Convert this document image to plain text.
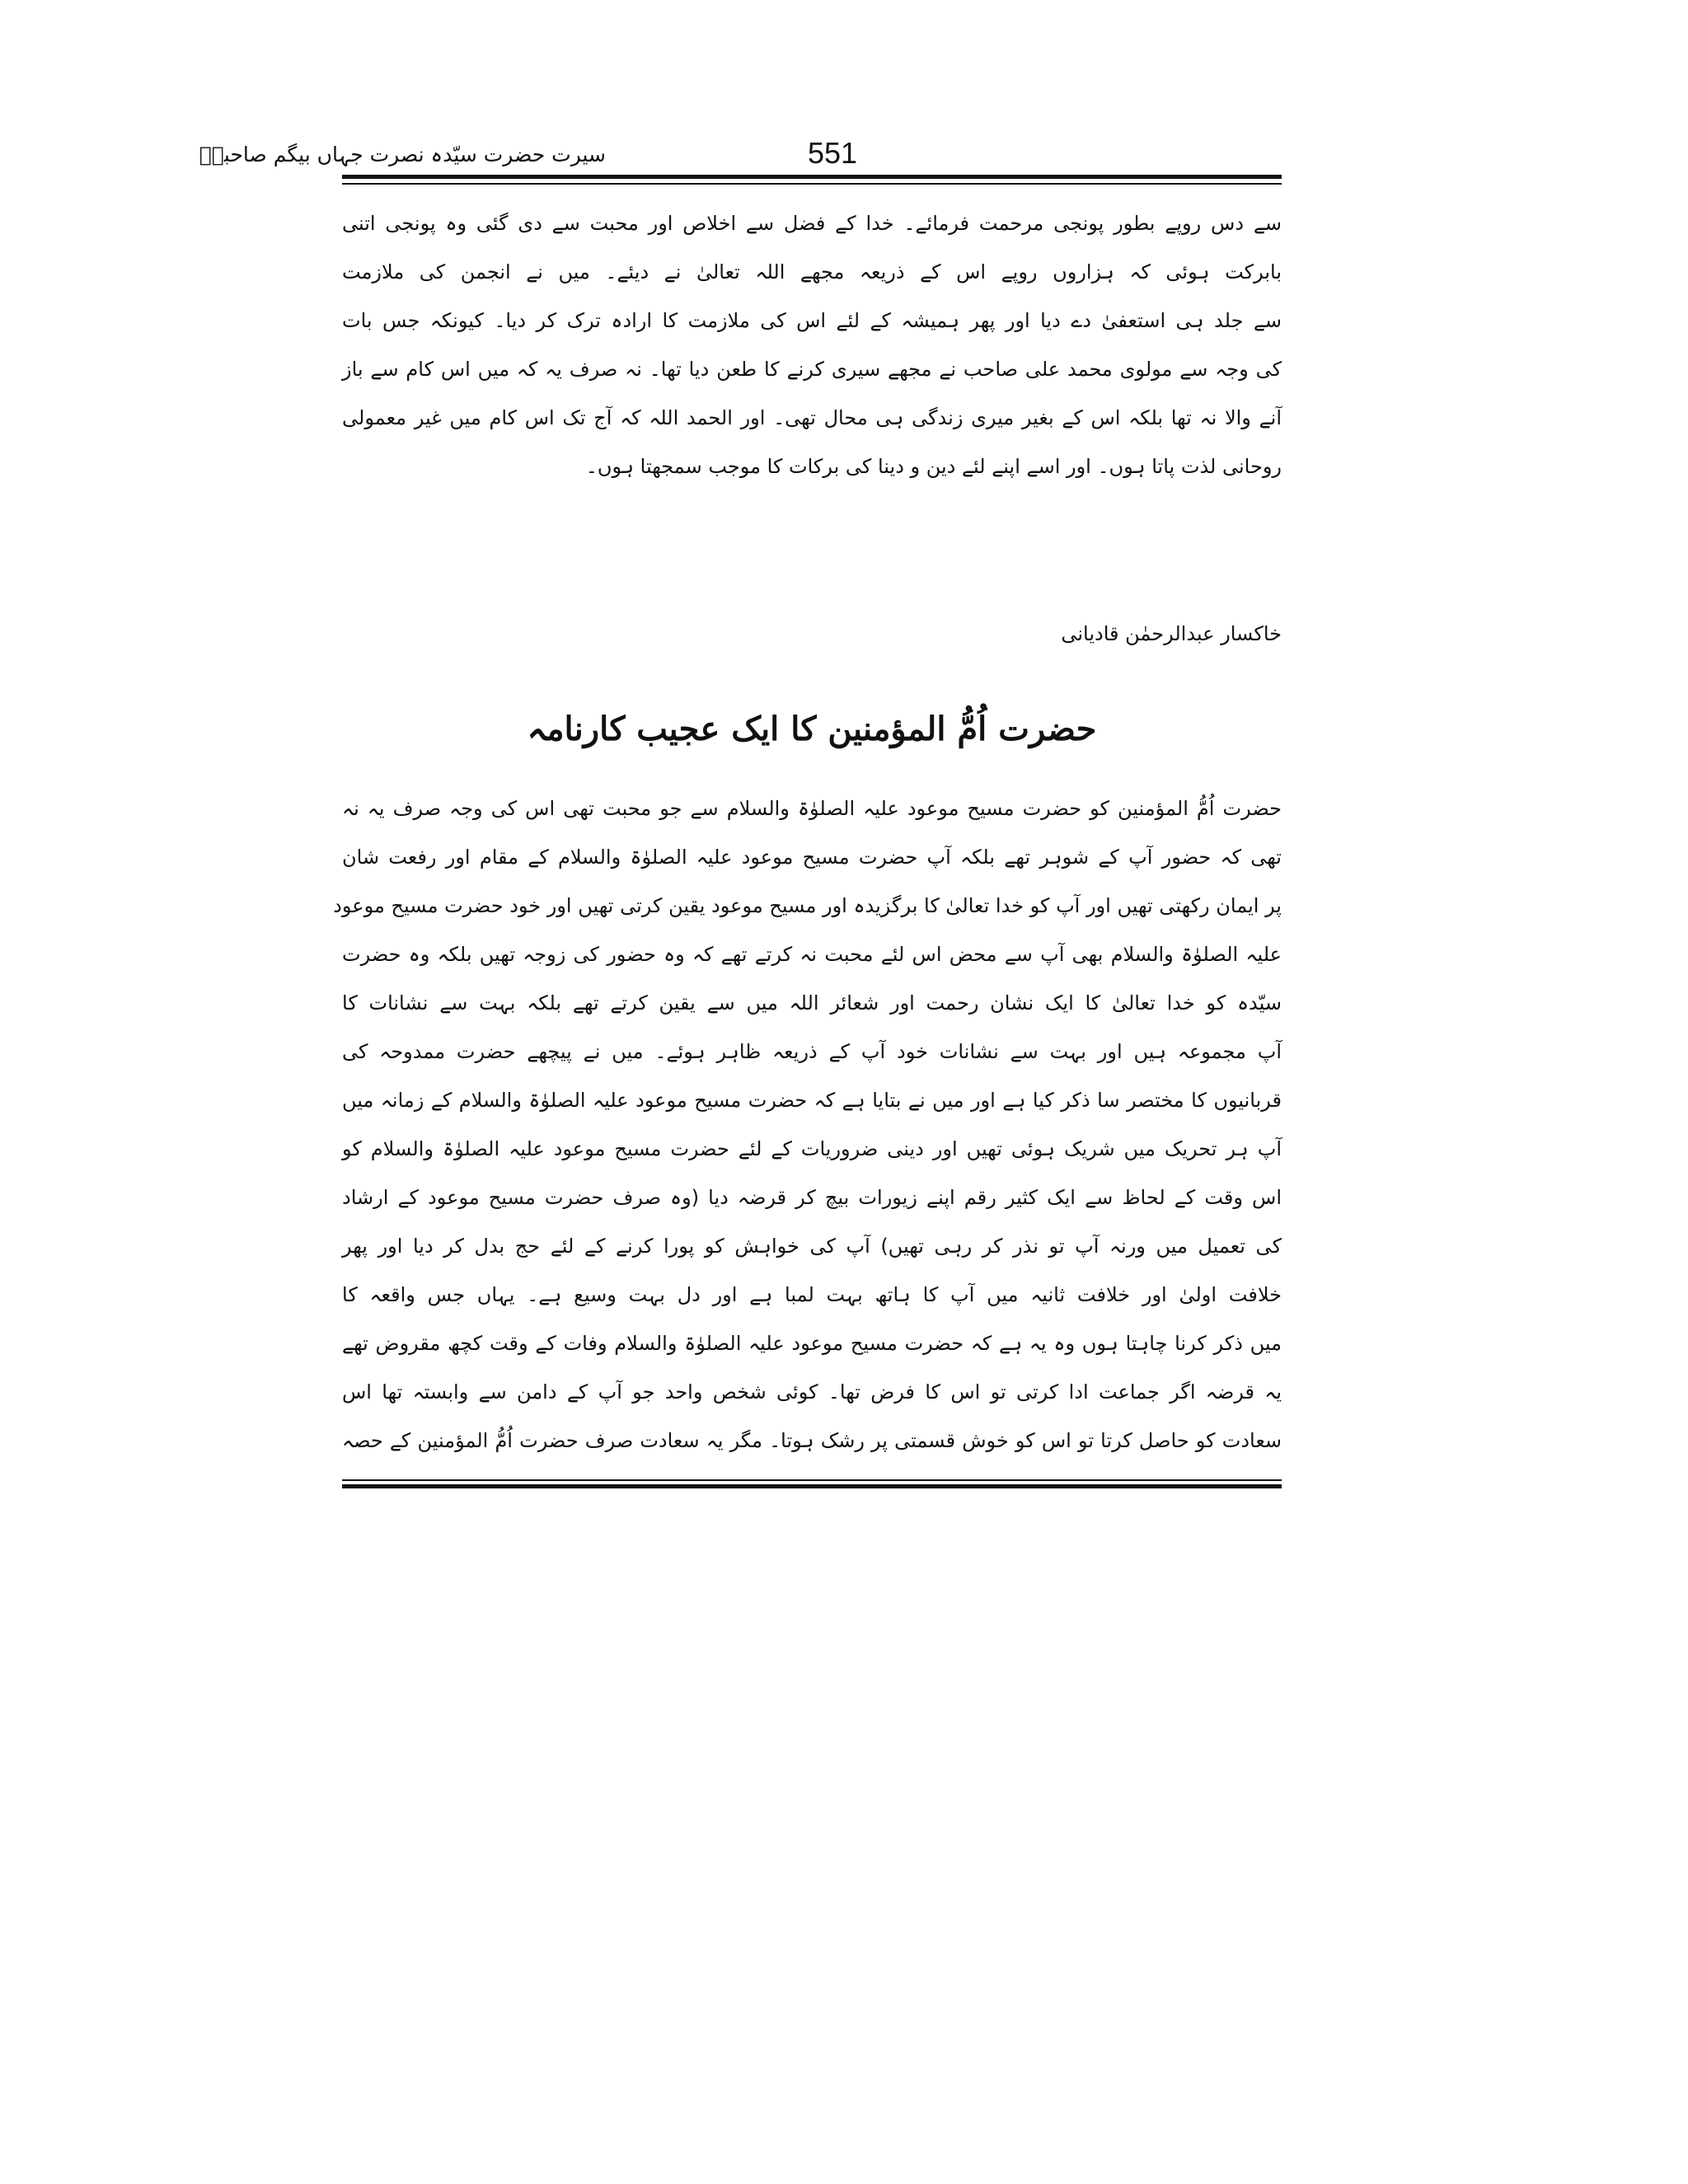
سیرت حضرت سیّدہ نصرت جہاں بیگم صاحبہؓ	551
سے دس روپے بطور پونجی مرحمت فرمائے۔ خدا کے فضل سے اخلاص اور محبت سے دی گئی وہ پونجی اتنی
بابرکت ہوئی کہ ہزاروں روپے اس کے ذریعہ مجھے اللہ تعالیٰ نے دیئے۔ میں نے انجمن کی ملازمت
سے جلد ہی استعفیٰ دے دیا اور پھر ہمیشہ کے لئے اس کی ملازمت کا ارادہ ترک کر دیا۔ کیونکہ جس بات
کی وجہ سے مولوی محمد علی صاحب نے مجھے سیری کرنے کا طعن دیا تھا۔ نہ صرف یہ کہ میں اس کام سے باز
آنے والا نہ تھا بلکہ اس کے بغیر میری زندگی ہی محال تھی۔ اور الحمد اللہ کہ آج تک اس کام میں غیر معمولی
روحانی لذت پاتا ہوں۔ اور اسے اپنے لئے دین و دینا کی برکات کا موجب سمجھتا ہوں۔
خاکسار عبدالرحمٰن قادیانی
حضرت اُمُّ المؤمنین کا ایک عجیب کارنامہ
حضرت اُمُّ المؤمنین کو حضرت مسیح موعود علیہ الصلوٰۃ والسلام سے جو محبت تھی اس کی وجہ صرف یہ نہ
تھی کہ حضور آپ کے شوہر تھے بلکہ آپ حضرت مسیح موعود علیہ الصلوٰۃ والسلام کے مقام اور رفعت شان
پر ایمان رکھتی تھیں اور آپ کو خدا تعالیٰ کا برگزیدہ اور مسیح موعود یقین کرتی تھیں اور خود حضرت مسیح موعود
علیہ الصلوٰۃ والسلام بھی آپ سے محض اس لئے محبت نہ کرتے تھے کہ وہ حضور کی زوجہ تھیں بلکہ وہ حضرت
سیّدہ کو خدا تعالیٰ کا ایک نشان رحمت اور شعائر اللہ میں سے یقین کرتے تھے بلکہ بہت سے نشانات کا
آپ مجموعہ ہیں اور بہت سے نشانات خود آپ کے ذریعہ ظاہر ہوئے۔ میں نے پیچھے حضرت ممدوحہ کی
قربانیوں کا مختصر سا ذکر کیا ہے اور میں نے بتایا ہے کہ حضرت مسیح موعود علیہ الصلوٰۃ والسلام کے زمانہ میں
آپ ہر تحریک میں شریک ہوئی تھیں اور دینی ضروریات کے لئے حضرت مسیح موعود علیہ الصلوٰۃ والسلام کو
اس وقت کے لحاظ سے ایک کثیر رقم اپنے زیورات بیچ کر قرضہ دیا (وہ صرف حضرت مسیح موعود کے ارشاد
کی تعمیل میں ورنہ آپ تو نذر کر رہی تھیں) آپ کی خواہش کو پورا کرنے کے لئے حج بدل کر دیا اور پھر
خلافت اولیٰ اور خلافت ثانیہ میں آپ کا ہاتھ بہت لمبا ہے اور دل بہت وسیع ہے۔ یہاں جس واقعہ کا
میں ذکر کرنا چاہتا ہوں وہ یہ ہے کہ حضرت مسیح موعود علیہ الصلوٰۃ والسلام وفات کے وقت کچھ مقروض تھے
یہ قرضہ اگر جماعت ادا کرتی تو اس کا فرض تھا۔ کوئی شخص واحد جو آپ کے دامن سے وابستہ تھا اس
سعادت کو حاصل کرتا تو اس کو خوش قسمتی پر رشک ہوتا۔ مگر یہ سعادت صرف حضرت اُمُّ المؤمنین کے حصہ
